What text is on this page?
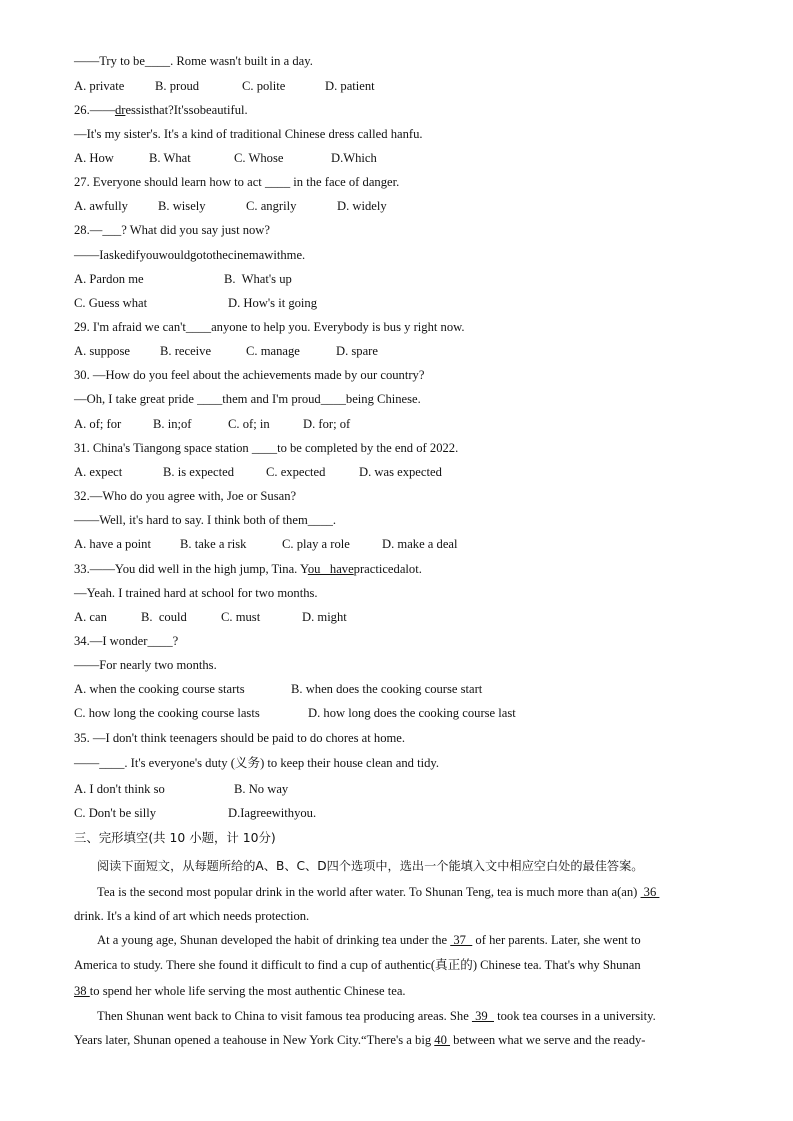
——Try to be____. Rome wasn't built in a day.

A. private B. proud	C. polite	D. patient

26.——dressisthat?It'ssobeautiful.

—It's my sister's. It's a kind of traditional Chinese dress called hanfu.

A. How	B. What	C. Whose	D.Which

27. Everyone should learn how to act ____ in the face of danger.

A. awfully B. wisely	C. angrily	D. widely

28.—___? What did you say just now?

——Iaskedifyouwouldgotothecinemawithme.

A. Pardon me	B.  What's up
C. Guess what	D. How's it going

29. I'm afraid we can't____anyone to help you. Everybody is bus y right now.

A. suppose B. receive	C. manage	D. spare

30. —How do you feel about the achievements made by our country?

—Oh, I take great pride ____them and I'm proud____being Chinese.

A. of; for	B. in;of	C. of; in	D. for; of

31. China's Tiangong space station ____to be completed by the end of 2022.

A. expect	B. is expected	C. expected	D. was expected

32.—Who do you agree with, Joe or Susan?

——Well, it's hard to say. I think both of them____.

A. have a point B. take a risk	C. play a role	D. make a deal

33.——You did well in the high jump, Tina. You   havepracticedalot.

—Yeah. I trained hard at school for two months.

A. can	B.  could	C. must	D. might

34.—I wonder____?

——For nearly two months.

A. when the cooking course starts	B. when does the cooking course start
C. how long the cooking course lasts	D. how long does the cooking course last

35. —I don't think teenagers should be paid to do chores at home.

——____. It's everyone's duty (义务) to keep their house clean and tidy.

A. I don't think so	B. No way
C. Don't be silly	D.Iagreewithyou.

三、完形填空(共 10 小题，计 10分)

阅读下面短文，从每题所给的A、B、C、D四个选项中，选出一个能填入文中相应空白处的最佳答案。

Tea is the second most popular drink in the world after water. To Shunan Teng, tea is much more than a(an)  36

drink. It's a kind of art which needs protection.

At a young age, Shunan developed the habit of drinking tea under the  37   of her parents. Later, she went to

America to study. There she found it difficult to find a cup of authentic(真正的) Chinese tea. That's why Shunan

38 to spend her whole life serving the most authentic Chinese tea.

Then Shunan went back to China to visit famous tea producing areas. She  39   took tea courses in a university.

Years later, Shunan opened a teahouse in New York City.“There's a big 40  between what we serve and the ready-
